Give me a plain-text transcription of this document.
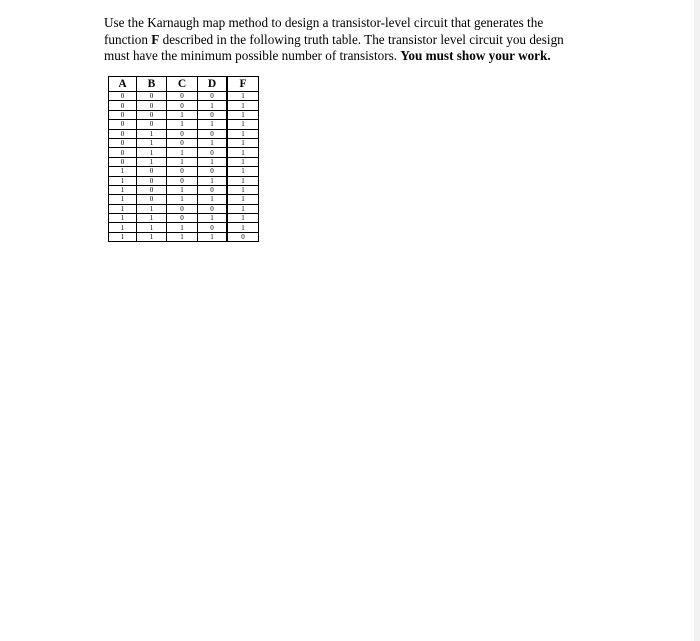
Use the Karnaugh map method to design a transistor-level circuit that generates the
function F described in the following truth table. The transistor level circuit you design
must have the minimum possible number of transistors. You must show your work.

A	B	C	D	F
0	0	0	0	1
0	0	0	1	1
0	0	1	0	1
0	0	1	1	1
0	1	0	0	1
0	1	0	1	1
0	1	1	0	1
0	1	1	1	1
1	0	0	0	1
1	0	0	1	1
1	0	1	0	1
1	0	1	1	1
1	1	0	0	1
1	1	0	1	1
1	1	1	0	1
1	1	1	1	0
